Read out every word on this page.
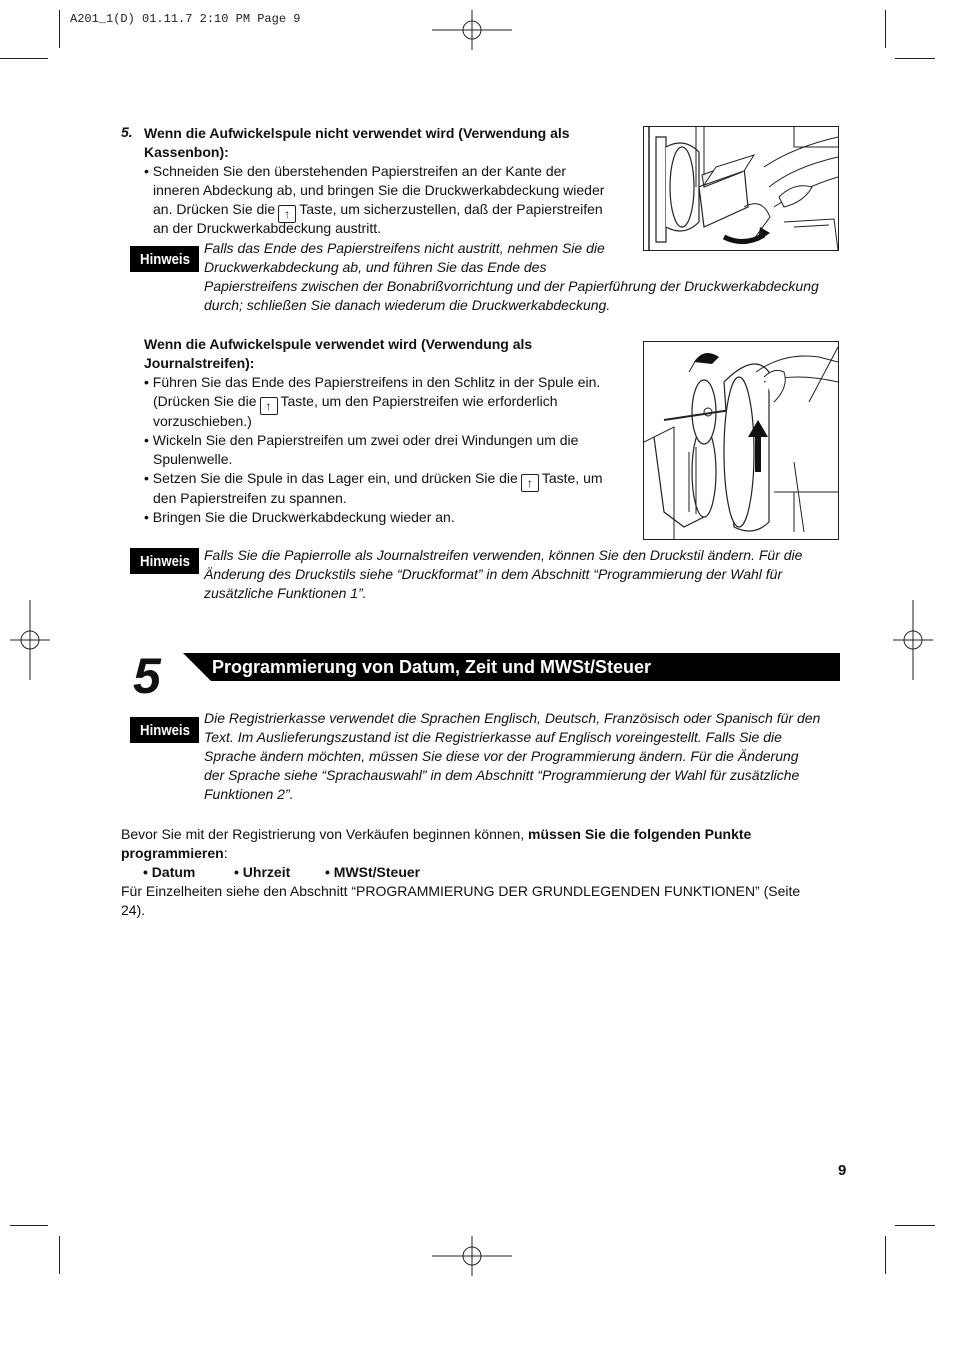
A201_1(D) 01.11.7 2:10 PM Page 9
5. Wenn die Aufwickelspule nicht verwendet wird (Verwendung als
Kassenbon):
• Schneiden Sie den überstehenden Papierstreifen an der Kante der
inneren Abdeckung ab, und bringen Sie die Druckwerkabdeckung wieder
an. Drücken Sie die ↑ Taste, um sicherzustellen, daß der Papierstreifen
an der Druckwerkabdeckung austritt.
Hinweis
Falls das Ende des Papierstreifens nicht austritt, nehmen Sie die
Druckwerkabdeckung ab, und führen Sie das Ende des
Papierstreifens zwischen der Bonabrißvorrichtung und der Papierführung der Druckwerkabdeckung
durch; schließen Sie danach wiederum die Druckwerkabdeckung.
Wenn die Aufwickelspule verwendet wird (Verwendung als
Journalstreifen):
• Führen Sie das Ende des Papierstreifens in den Schlitz in der Spule ein.
(Drücken Sie die ↑ Taste, um den Papierstreifen wie erforderlich
vorzuschieben.)
• Wickeln Sie den Papierstreifen um zwei oder drei Windungen um die
Spulenwelle.
• Setzen Sie die Spule in das Lager ein, und drücken Sie die ↑ Taste, um
den Papierstreifen zu spannen.
• Bringen Sie die Druckwerkabdeckung wieder an.
Hinweis Falls Sie die Papierrolle als Journalstreifen verwenden, können Sie den Druckstil ändern. Für die
Änderung des Druckstils siehe “Druckformat” in dem Abschnitt “Programmierung der Wahl für
zusätzliche Funktionen 1”.
5	Programmierung von Datum, Zeit und MWSt/Steuer
Hinweis
Die Registrierkasse verwendet die Sprachen Englisch, Deutsch, Französisch oder Spanisch für den
Text. Im Auslieferungszustand ist die Registrierkasse auf Englisch voreingestellt. Falls Sie die
Sprache ändern möchten, müssen Sie diese vor der Programmierung ändern. Für die Änderung
der Sprache siehe “Sprachauswahl” in dem Abschnitt “Programmierung der Wahl für zusätzliche
Funktionen 2”.
Bevor Sie mit der Registrierung von Verkäufen beginnen können, müssen Sie die folgenden Punkte
programmieren:
• Datum	• Uhrzeit • MWSt/Steuer
Für Einzelheiten siehe den Abschnitt “PROGRAMMIERUNG DER GRUNDLEGENDEN FUNKTIONEN” (Seite
24).
9
